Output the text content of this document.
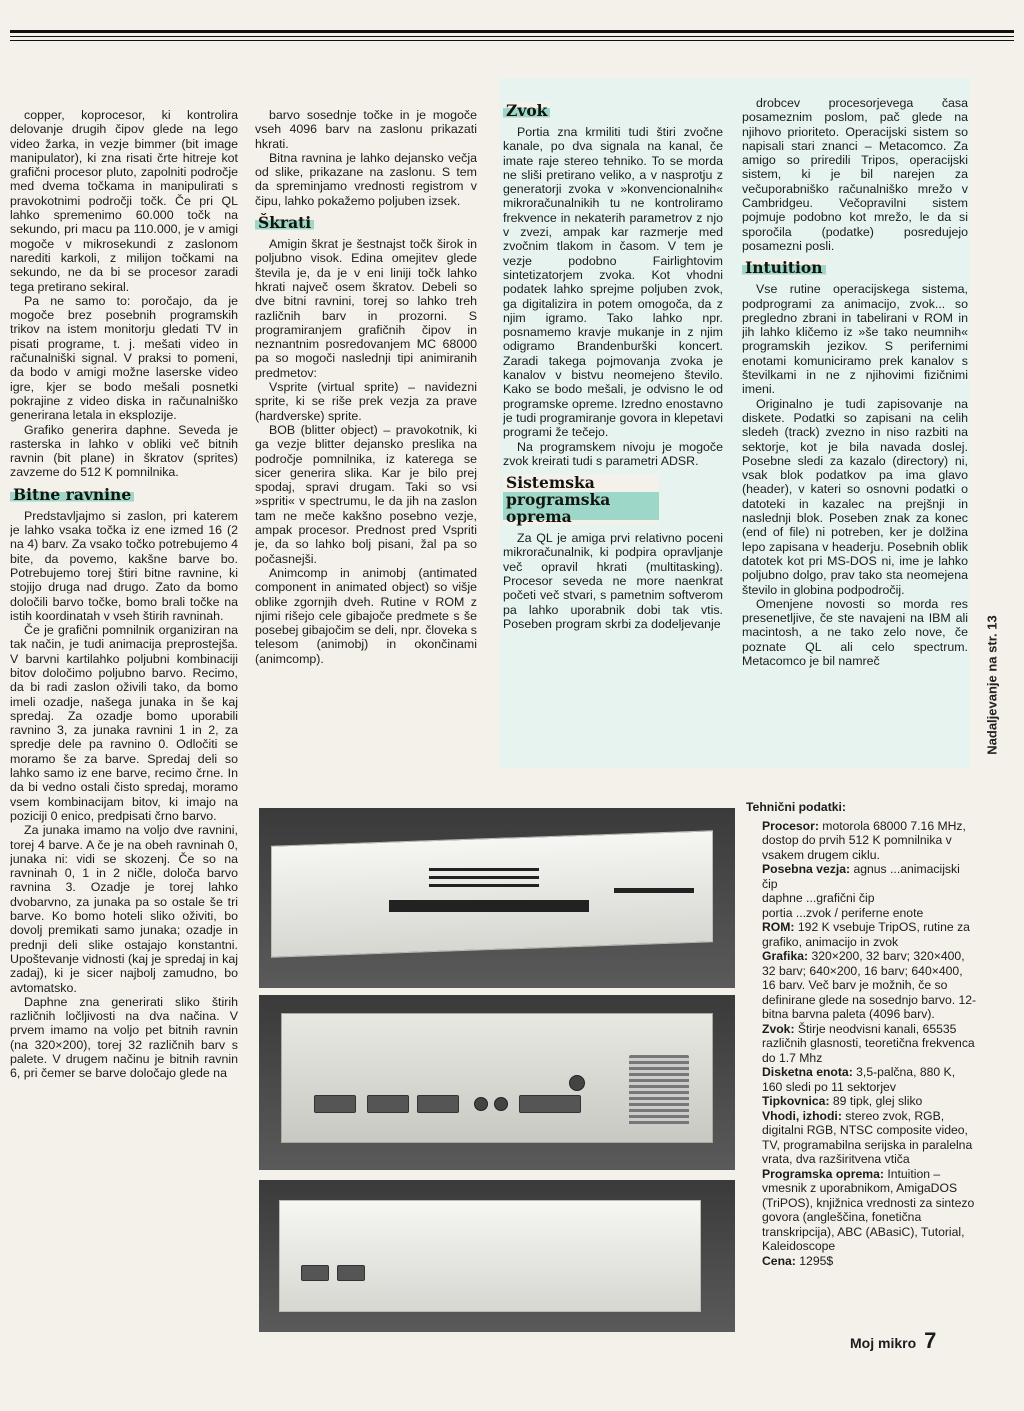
copper, koprocesor, ki kontrolira delovanje drugih čipov glede na lego video žarka, in vezje bimmer (bit image manipulator), ki zna risati črte hitreje kot grafični procesor pluto, zapolniti področje med dvema točkama in manipulirati s pravokotnimi področji točk. Če pri QL lahko spremenimo 60.000 točk na sekundo, pri macu pa 110.000, je v amigi mogoče v mikrosekundi z zaslonom narediti karkoli, z milijon točkami na sekundo, ne da bi se procesor zaradi tega pretirano sekiral.

Pa ne samo to: poročajo, da je mogoče brez posebnih programskih trikov na istem monitorju gledati TV in pisati programe, t. j. mešati video in računalniški signal. V praksi to pomeni, da bodo v amigi možne laserske video igre, kjer se bodo mešali posnetki pokrajine z video diska in računalniško generirana letala in eksplozije.

Grafiko generira daphne. Seveda je rasterska in lahko v obliki več bitnih ravnin (bit plane) in škratov (sprites) zavzeme do 512 K pomnilnika.

Bitne ravnine

Predstavljajmo si zaslon, pri katerem je lahko vsaka točka iz ene izmed 16 (2 na 4) barv. Za vsako točko potrebujemo 4 bite, da povemo, kakšne barve bo. Potrebujemo torej štiri bitne ravnine, ki stojijo druga nad drugo. Zato da bomo določili barvo točke, bomo brali točke na istih koordinatah v vseh štirih ravninah.

Če je grafični pomnilnik organiziran na tak način, je tudi animacija preprostejša. V barvni kartilahko poljubni kombinaciji bitov določimo poljubno barvo. Recimo, da bi radi zaslon oživili tako, da bomo imeli ozadje, našega junaka in še kaj spredaj. Za ozadje bomo uporabili ravnino 3, za junaka ravnini 1 in 2, za spredje dele pa ravnino 0. Odločiti se moramo še za barve. Spredaj deli so lahko samo iz ene barve, recimo črne. In da bi vedno ostali čisto spredaj, moramo vsem kombinacijam bitov, ki imajo na poziciji 0 enico, predpisati črno barvo.

Za junaka imamo na voljo dve ravnini, torej 4 barve. A če je na obeh ravninah 0, junaka ni: vidi se skozenj. Če so na ravninah 0, 1 in 2 ničle, določa barvo ravnina 3. Ozadje je torej lahko dvobarvno, za junaka pa so ostale še tri barve. Ko bomo hoteli sliko oživiti, bo dovolj premikati samo junaka; ozadje in prednji deli slike ostajajo konstantni. Upoštevanje vidnosti (kaj je spredaj in kaj zadaj), ki je sicer najbolj zamudno, bo avtomatsko.

Daphne zna generirati sliko štirih različnih ločljivosti na dva načina. V prvem imamo na voljo pet bitnih ravnin (na 320×200), torej 32 različnih barv s palete. V drugem načinu je bitnih ravnin 6, pri čemer se barve določajo glede na

barvo sosednje točke in je mogoče vseh 4096 barv na zaslonu prikazati hkrati.

Bitna ravnina je lahko dejansko večja od slike, prikazane na zaslonu. S tem da spreminjamo vrednosti registrom v čipu, lahko pokažemo poljuben izsek.

Škrati

Amigin škrat je šestnajst točk širok in poljubno visok. Edina omejitev glede števila je, da je v eni liniji točk lahko hkrati največ osem škratov. Debeli so dve bitni ravnini, torej so lahko treh različnih barv in prozorni. S programiranjem grafičnih čipov in neznantnim posredovanjem MC 68000 pa so mogoči naslednji tipi animiranih predmetov:

Vsprite (virtual sprite) – navidezni sprite, ki se riše prek vezja za prave (hardverske) sprite.

BOB (blitter object) – pravokotnik, ki ga vezje blitter dejansko preslika na področje pomnilnika, iz katerega se sicer generira slika. Kar je bilo prej spodaj, spravi drugam. Taki so vsi »spriti« v spectrumu, le da jih na zaslon tam ne meče kakšno posebno vezje, ampak procesor. Prednost pred Vspriti je, da so lahko bolj pisani, žal pa so počasnejši.

Animcomp in animobj (antimated component in animated object) so višje oblike zgornjih dveh. Rutine v ROM z njimi rišejo cele gibajoče predmete s še posebej gibajočim se deli, npr. človeka s telesom (animobj) in okončinami (animcomp).

Zvok

Portia zna krmiliti tudi štiri zvočne kanale, po dva signala na kanal, če imate raje stereo tehniko. To se morda ne sliši pretirano veliko, a v nasprotju z generatorji zvoka v »konvencionalnih« mikroračunalnikih tu ne kontroliramo frekvence in nekaterih parametrov z njo v zvezi, ampak kar razmerje med zvočnim tlakom in časom. V tem je vezje podobno Fairlightovim sintetizatorjem zvoka. Kot vhodni podatek lahko sprejme poljuben zvok, ga digitalizira in potem omogoča, da z njim igramo. Tako lahko npr. posnamemo kravje mukanje in z njim odigramo Brandenburški koncert. Zaradi takega pojmovanja zvoka je kanalov v bistvu neomejeno število. Kako se bodo mešali, je odvisno le od programske opreme. Izredno enostavno je tudi programiranje govora in klepetavi programi že tečejo.

Na programskem nivoju je mogoče zvok kreirati tudi s parametri ADSR.

Sistemska programska oprema

Za QL je amiga prvi relativno poceni mikroračunalnik, ki podpira opravljanje več opravil hkrati (multitasking). Procesor seveda ne more naenkrat početi več stvari, s pametnim softverom pa lahko uporabnik dobi tak vtis. Poseben program skrbi za dodeljevanje

drobcev procesorjevega časa posameznim poslom, pač glede na njihovo prioriteto. Operacijski sistem so napisali stari znanci – Metacomco. Za amigo so priredili Tripos, operacijski sistem, ki je bil narejen za večuporabniško računalniško mrežo v Cambridgeu. Večopravilni sistem pojmuje podobno kot mrežo, le da si sporočila (podatke) posredujejo posamezni posli.

Intuition

Vse rutine operacijskega sistema, podprogrami za animacijo, zvok... so pregledno zbrani in tabelirani v ROM in jih lahko kličemo iz »še tako neumnih« programskih jezikov. S perifernimi enotami komuniciramo prek kanalov s številkami in ne z njihovimi fizičnimi imeni.

Originalno je tudi zapisovanje na diskete. Podatki so zapisani na celih sledeh (track) zvezno in niso razbiti na sektorje, kot je bila navada doslej. Posebne sledi za kazalo (directory) ni, vsak blok podatkov pa ima glavo (header), v kateri so osnovni podatki o datoteki in kazalec na prejšnji in naslednji blok. Poseben znak za konec (end of file) ni potreben, ker je dolžina lepo zapisana v headerju. Posebnih oblik datotek kot pri MS-DOS ni, ime je lahko poljubno dolgo, prav tako sta neomejena število in globina podpodročij.

Omenjene novosti so morda res presenetljive, če ste navajeni na IBM ali macintosh, a ne tako zelo nove, če poznate QL ali celo spectrum. Metacomco je bil namreč	Nadaljevanje na str. 13
Tehnični podatki:

Procesor: motorola 68000 7.16 MHz, dostop do prvih 512 K pomnilnika v vsakem drugem ciklu.

Posebna vezja: agnus ...animacijski čip

daphne ...grafični čip

portia ...zvok / periferne enote

ROM: 192 K vsebuje TripOS, rutine za grafiko, animacijo in zvok

Grafika: 320×200, 32 barv; 320×400, 32 barv; 640×200, 16 barv; 640×400, 16 barv. Več barv je možnih, če so definirane glede na sosednjo barvo. 12-bitna barvna paleta (4096 barv).

Zvok: Štirje neodvisni kanali, 65535 različnih glasnosti, teoretična frekvenca do 1.7 Mhz

Disketna enota: 3,5-palčna, 880 K, 160 sledi po 11 sektorjev

Tipkovnica: 89 tipk, glej sliko

Vhodi, izhodi: stereo zvok, RGB, digitalni RGB, NTSC composite video, TV, programabilna serijska in paralelna vrata, dva razširitvena vtiča

Programska oprema: Intuition – vmesnik z uporabnikom, AmigaDOS (TriPOS), knjižnica vrednosti za sintezo govora (angleščina, fonetična transkripcija), ABC (ABasiC), Tutorial, Kaleidoscope

Cena: 1295$

Moj mikro 7
